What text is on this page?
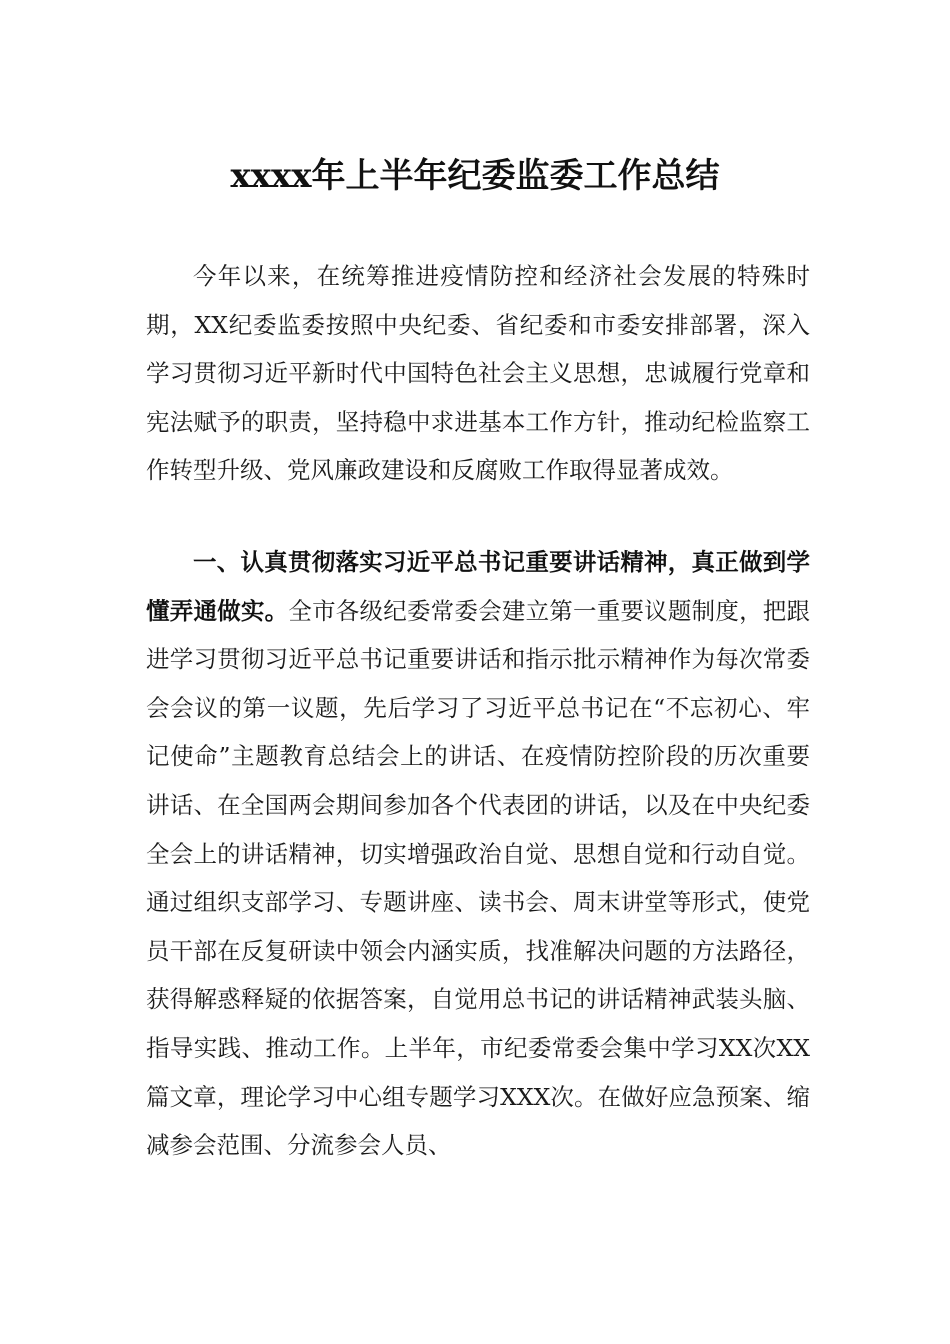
xxxx年上半年纪委监委工作总结

今年以来，在统筹推进疫情防控和经济社会发展的特殊时期，XX纪委监委按照中央纪委、省纪委和市委安排部署，深入学习贯彻习近平新时代中国特色社会主义思想，忠诚履行党章和宪法赋予的职责，坚持稳中求进基本工作方针，推动纪检监察工作转型升级、党风廉政建设和反腐败工作取得显著成效。

一、认真贯彻落实习近平总书记重要讲话精神，真正做到学懂弄通做实。全市各级纪委常委会建立第一重要议题制度，把跟进学习贯彻习近平总书记重要讲话和指示批示精神作为每次常委会会议的第一议题，先后学习了习近平总书记在“不忘初心、牢记使命”主题教育总结会上的讲话、在疫情防控阶段的历次重要讲话、在全国两会期间参加各个代表团的讲话，以及在中央纪委全会上的讲话精神，切实增强政治自觉、思想自觉和行动自觉。通过组织支部学习、专题讲座、读书会、周末讲堂等形式，使党员干部在反复研读中领会内涵实质，找准解决问题的方法路径，获得解惑释疑的依据答案，自觉用总书记的讲话精神武装头脑、指导实践、推动工作。上半年，市纪委常委会集中学习XX次XX篇文章，理论学习中心组专题学习XXX次。在做好应急预案、缩减参会范围、分流参会人员、
